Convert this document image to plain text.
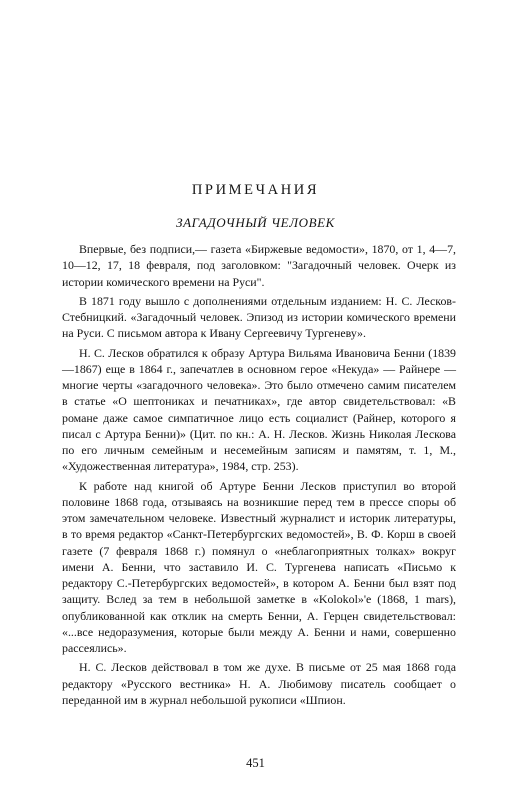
ПРИМЕЧАНИЯ
ЗАГАДОЧНЫЙ ЧЕЛОВЕК

Впервые, без подписи,— газета «Биржевые ведомости», 1870, от 1, 4—7, 10—12, 17, 18 февраля, под заголовком: "Загадочный человек. Очерк из истории комического времени на Руси".

В 1871 году вышло с дополнениями отдельным изданием: Н. С. Лесков-Стебницкий. «Загадочный человек. Эпизод из истории комического времени на Руси. С письмом автора к Ивану Сергеевичу Тургеневу».

Н. С. Лесков обратился к образу Артура Вильяма Ивановича Бенни (1839—1867) еще в 1864 г., запечатлев в основном герое «Некуда» — Райнере — многие черты «загадочного человека». Это было отмечено самим писателем в статье «О шептониках и печатниках», где автор свидетельствовал: «В романе даже самое симпатичное лицо есть социалист (Райнер, которого я писал с Артура Бенни)» (Цит. по кн.: А. Н. Лесков. Жизнь Николая Лескова по его личным семейным и несемейным записям и памятям, т. 1, М., «Художественная литература», 1984, стр. 253).

К работе над книгой об Артуре Бенни Лесков приступил во второй половине 1868 года, отзываясь на возникшие перед тем в прессе споры об этом замечательном человеке. Известный журналист и историк литературы, в то время редактор «Санкт-Петербургских ведомостей», В. Ф. Корш в своей газете (7 февраля 1868 г.) помянул о «неблагоприятных толках» вокруг имени А. Бенни, что заставило И. С. Тургенева написать «Письмо к редактору С.-Петербургских ведомостей», в котором А. Бенни был взят под защиту. Вслед за тем в небольшой заметке в «Kolokol»'е (1868, 1 mars), опубликованной как отклик на смерть Бенни, А. Герцен свидетельствовал: «...все недоразумения, которые были между А. Бенни и нами, совершенно рассеялись».

Н. С. Лесков действовал в том же духе. В письме от 25 мая 1868 года редактору «Русского вестника» Н. А. Любимову писатель сообщает о переданной им в журнал небольшой рукописи «Шпион.

451
